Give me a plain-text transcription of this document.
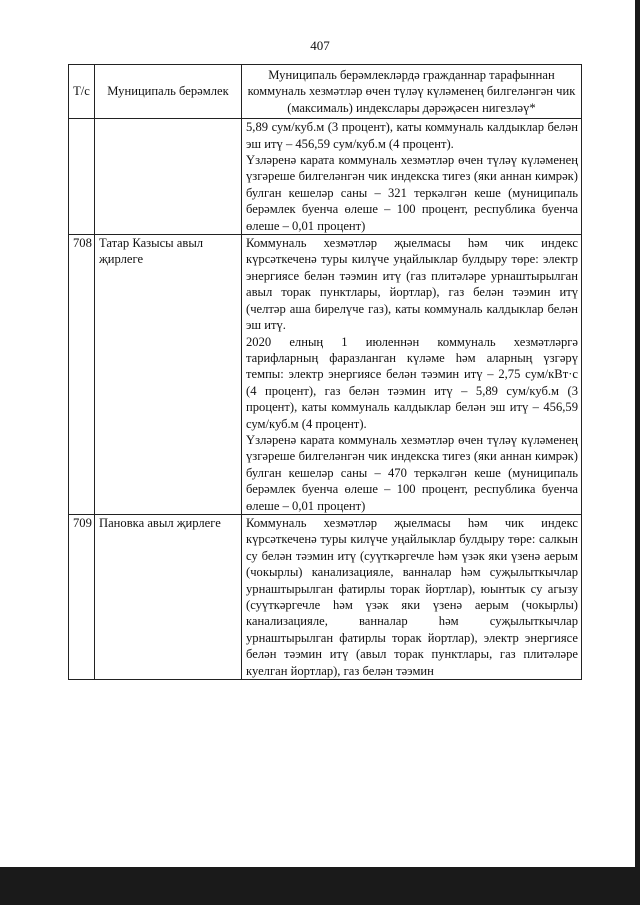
407
Т/с	Муниципаль берәмлек	Муниципаль берәмлекләрдә гражданнар тарафыннан коммуналь хезмәтләр өчен түләү күләменең билгеләнгән чик (максималь) индекслары дәрәҗәсен нигезләү*

		5,89 сум/куб.м (3 процент), каты коммуналь калдыклар белән эш итү – 456,59 сум/куб.м (4 процент).
Үзләренә карата коммуналь хезмәтләр өчен түләү күләменең үзгәреше билгеләнгән чик индекска тигез (яки аннан кимрәк) булган кешеләр саны – 321 теркәлгән кеше (муниципаль берәмлек буенча өлеше – 100 процент, республика буенча өлеше – 0,01 процент)

708	Татар Казысы авыл җирлеге	Коммуналь хезмәтләр җыелмасы һәм чик индекс күрсәткеченә туры килүче уңайлыклар булдыру төре: электр энергиясе белән тәэмин итү (газ плитәләре урнаштырылган авыл торак пунктлары, йортлар), газ белән тәэмин итү (челтәр аша бирелүче газ), каты коммуналь калдыклар белән эш итү.
2020 елның 1 июленнән коммуналь хезмәтләргә тарифларның фаразланган күләме һәм аларның үзгәрү темпы: электр энергиясе белән тәэмин итү – 2,75 сум/кВт·с (4 процент), газ белән тәэмин итү – 5,89 сум/куб.м (3 процент), каты коммуналь калдыклар белән эш итү – 456,59 сум/куб.м (4 процент).
Үзләренә карата коммуналь хезмәтләр өчен түләү күләменең үзгәреше билгеләнгән чик индекска тигез (яки аннан кимрәк) булган кешеләр саны – 470 теркәлгән кеше (муниципаль берәмлек буенча өлеше – 100 процент, республика буенча өлеше – 0,01 процент)

709	Пановка авыл җирлеге	Коммуналь хезмәтләр җыелмасы һәм чик индекс күрсәткеченә туры килүче уңайлыклар булдыру төре: салкын су белән тәэмин итү (суүткәргечле һәм үзәк яки үзенә аерым (чокырлы) канализацияле, ванналар һәм суҗылыткычлар урнаштырылган фатирлы торак йортлар), юынтык су агызу (суүткәргечле һәм үзәк яки үзенә аерым (чокырлы) канализацияле, ванналар һәм суҗылыткычлар урнаштырылган фатирлы торак йортлар), электр энергиясе белән тәэмин итү (авыл торак пунктлары, газ плитәләре куелган йортлар), газ белән тәэмин
